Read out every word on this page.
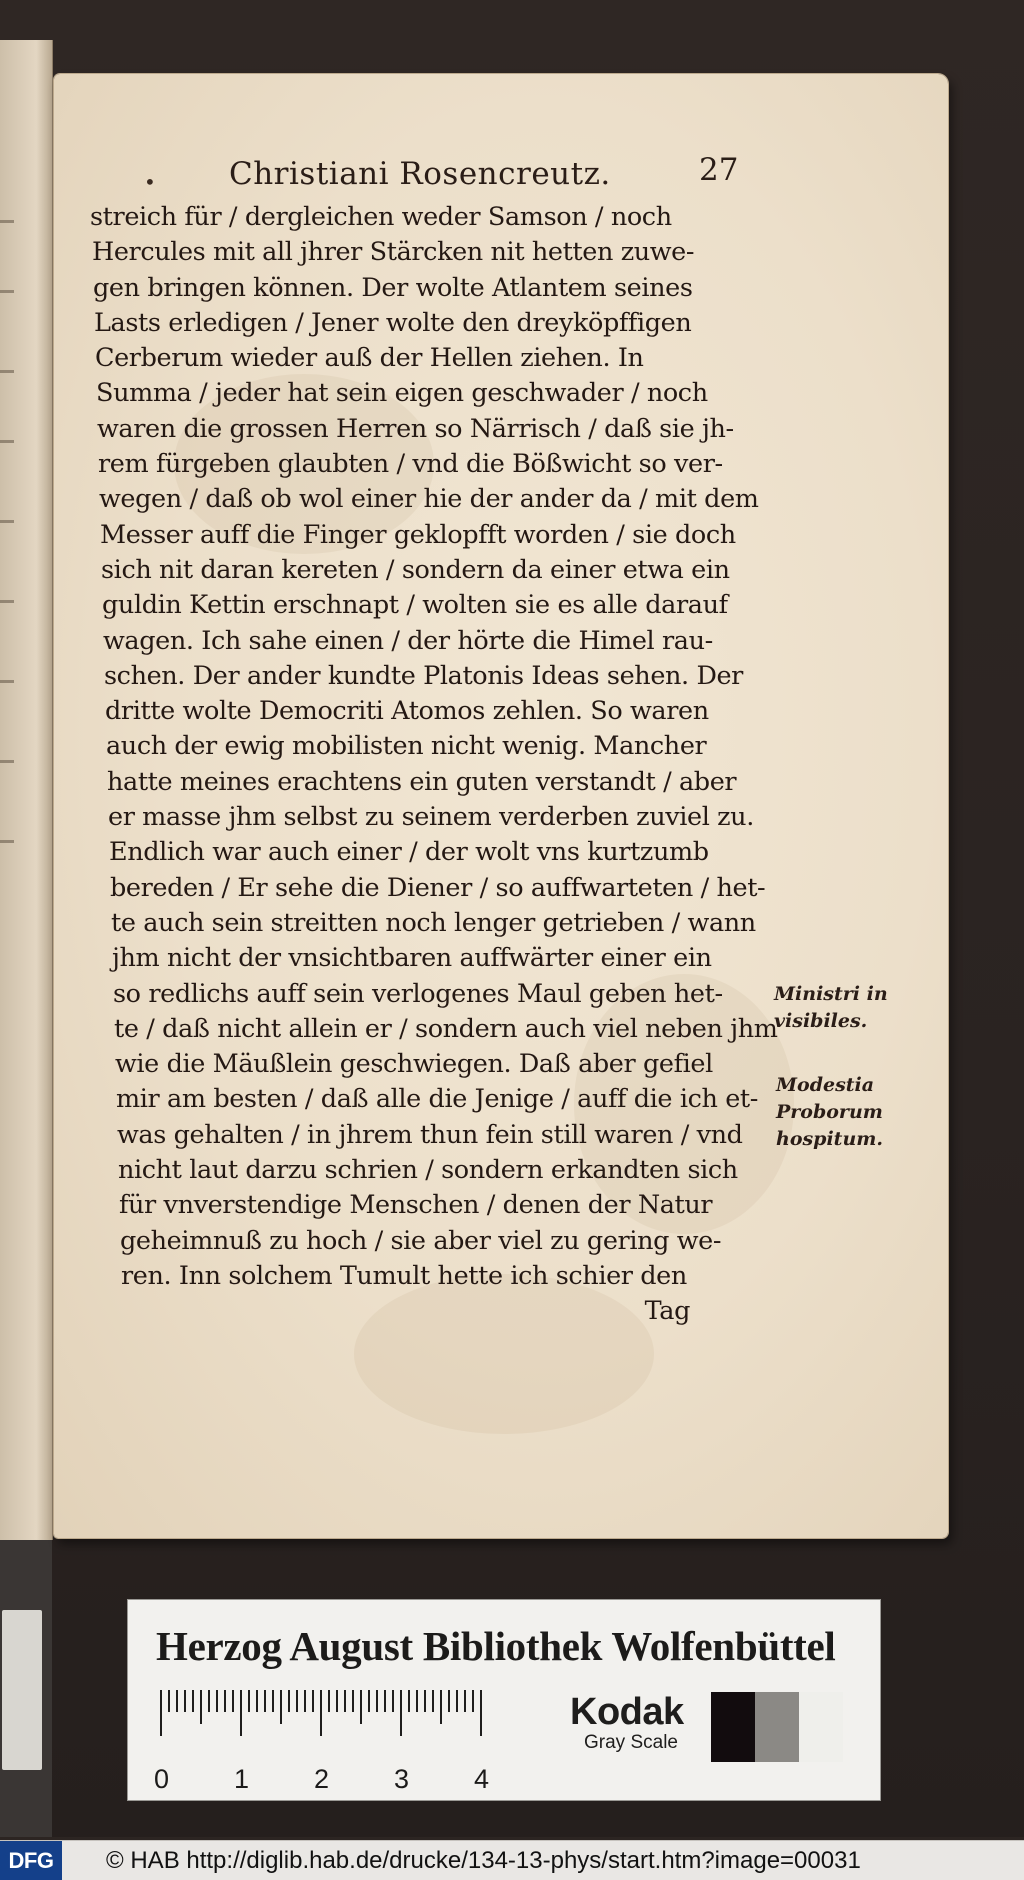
• Christiani Rosencreutz.	27
streich für / dergleichen weder Samson / noch
Hercules mit all jhrer Stärcken nit hetten zuwe-
gen bringen können. Der wolte Atlantem seines
Lasts erledigen / Jener wolte den dreyköpffigen
Cerberum wieder auß der Hellen ziehen. In
Summa / jeder hat sein eigen geschwader / noch
waren die grossen Herren so Närrisch / daß sie jh-
rem fürgeben glaubten / vnd die Bößwicht so ver-
wegen / daß ob wol einer hie der ander da / mit dem
Messer auff die Finger geklopfft worden / sie doch
sich nit daran kereten / sondern da einer etwa ein
guldin Kettin erschnapt / wolten sie es alle darauf
wagen. Ich sahe einen / der hörte die Himel rau-
schen. Der ander kundte Platonis Ideas sehen. Der
dritte wolte Democriti Atomos zehlen. So waren
auch der ewig mobilisten nicht wenig. Mancher
hatte meines erachtens ein guten verstandt / aber
er masse jhm selbst zu seinem verderben zuviel zu.
Endlich war auch einer / der wolt vns kurtzumb
bereden / Er sehe die Diener / so auffwarteten / het-
te auch sein streitten noch lenger getrieben / wann
jhm nicht der vnsichtbaren auffwärter einer ein
so redlichs auff sein verlogenes Maul geben het-
te / daß nicht allein er / sondern auch viel neben jhm
wie die Mäußlein geschwiegen. Daß aber gefiel
mir am besten / daß alle die Jenige / auff die ich et-
was gehalten / in jhrem thun fein still waren / vnd
nicht laut darzu schrien / sondern erkandten sich
für vnverstendige Menschen / denen der Natur
geheimnuß zu hoch / sie aber viel zu gering we-
ren. Inn solchem Tumult hette ich schier den
Tag
Ministri in
visibiles.
Modestia
Proborum
hospitum.
Herzog August Bibliothek Wolfenbüttel
0 1 2 3 4
Kodak
Gray Scale
DFG	© HAB http://diglib.hab.de/drucke/134-13-phys/start.htm?image=00031
